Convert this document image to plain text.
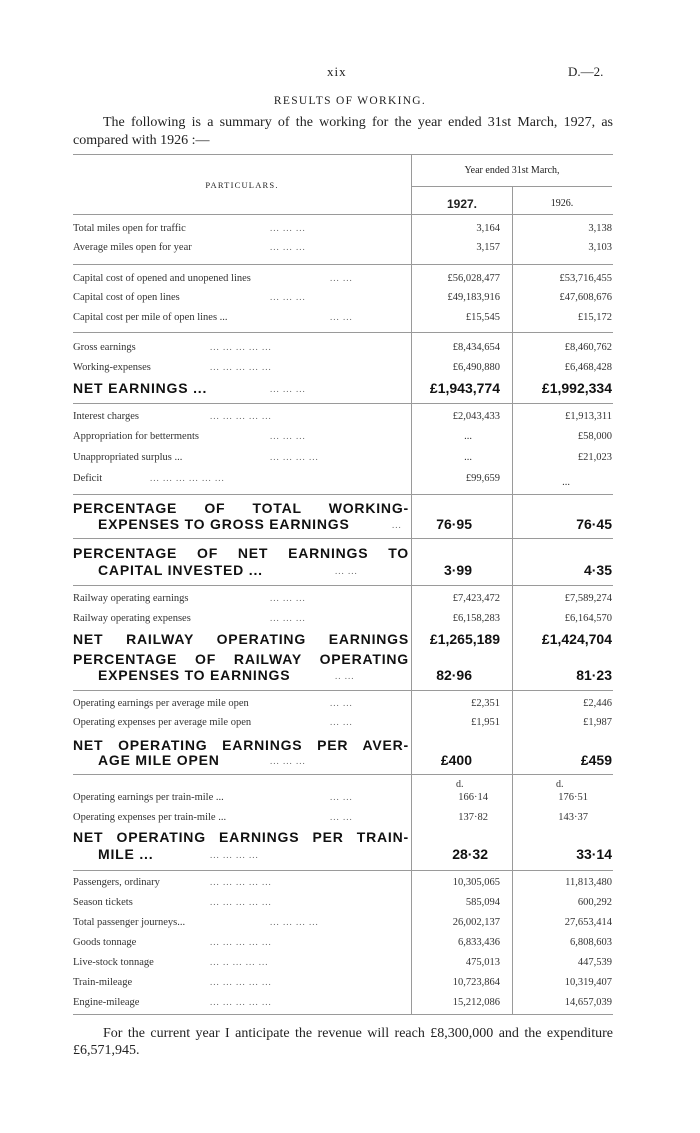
xix	D.—2.
RESULTS OF WORKING.
The following is a summary of the working for the year ended 31st March, 1927, as compared with 1926 :—
PARTICULARS.
Year ended 31st March,
1927.	1926.
Total miles open for traffic	... ... ...	3,164	3,138
Average miles open for year	... ... ...	3,157	3,103
Capital cost of opened and unopened lines	... ...	£56,028,477	£53,716,455
Capital cost of open lines	... ... ...	£49,183,916	£47,608,676
Capital cost per mile of open lines ...	... ...	£15,545	£15,172
Gross earnings	... ... ... ... ...	£8,434,654	£8,460,762
Working-expenses	... ... ... ... ...	£6,490,880	£6,468,428
NET EARNINGS ...	... ... ...	£1,943,774	£1,992,334
Interest charges	... ... ... ... ...	£2,043,433	£1,913,311
Appropriation for betterments	... ... ...	...	£58,000
Unappropriated surplus ...	... ... ... ...	...	£21,023
Deficit	... ... ... ... ... ...	£99,659	...
PERCENTAGE OF TOTAL WORKING-
EXPENSES TO GROSS EARNINGS	... 76·95	76·45
PERCENTAGE OF NET EARNINGS TO
CAPITAL INVESTED ...	... ...	3·99	4·35
Railway operating earnings	... ... ...	£7,423,472	£7,589,274
Railway operating expenses	... ... ...	£6,158,283	£6,164,570
NET RAILWAY OPERATING EARNINGS £1,265,189	£1,424,704
PERCENTAGE OF RAILWAY OPERATING
EXPENSES TO EARNINGS	.. ...	82·96	81·23
Operating earnings per average mile open	... ...	£2,351	£2,446
Operating expenses per average mile open	... ...	£1,951	£1,987
NET OPERATING EARNINGS PER AVER-
AGE MILE OPEN	... ... ...	£400	£459
d.	d.
Operating earnings per train-mile ...	... ...	166·14	176·51
Operating expenses per train-mile ...	... ...	137·82	143·37
NET OPERATING EARNINGS PER TRAIN-
MILE ...	... ... ... ...	28·32	33·14
Passengers, ordinary	... ... ... ... ...	10,305,065	11,813,480
Season tickets	... ... ... ... ...	585,094	600,292
Total passenger journeys...	... ... ... ...	26,002,137	27,653,414
Goods tonnage	... ... ... ... ...	6,833,436	6,808,603
Live-stock tonnage	... .. ... ... ...	475,013	447,539
Train-mileage	... ... ... ... ...	10,723,864	10,319,407
Engine-mileage	... ... ... ... ...	15,212,086	14,657,039
For the current year I anticipate the revenue will reach £8,300,000 and the expenditure £6,571,945.
